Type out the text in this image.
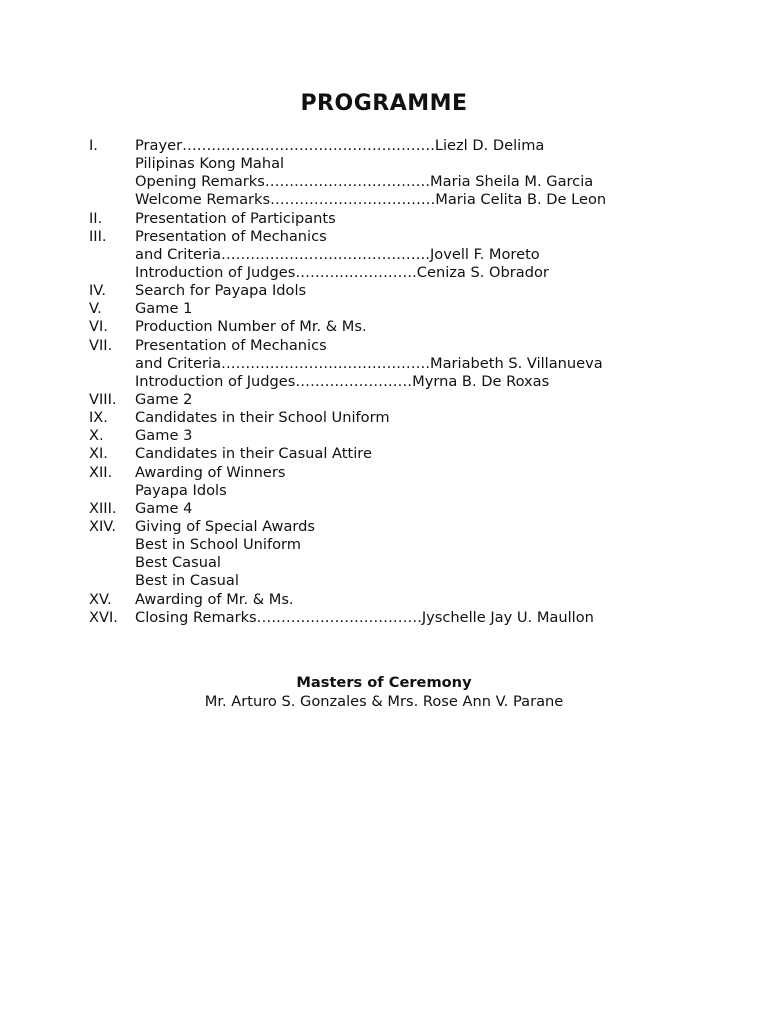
PROGRAMME
I.	Prayer…………………………………………….Liezl D. Delima
Pilipinas Kong Mahal
Opening Remarks…………………………….Maria Sheila M. Garcia
Welcome Remarks…………………………….Maria Celita B. De Leon
II. Presentation of Participants
III. Presentation of Mechanics
and Criteria…………………………………….Jovell F. Moreto
Introduction of Judges…………………….Ceniza S. Obrador
IV. Search for Payapa Idols
V. Game 1
VI. Production Number of Mr. & Ms.
VII. Presentation of Mechanics
and Criteria…………………………………….Mariabeth S. Villanueva
Introduction of Judges……………………Myrna B. De Roxas
VIII. Game 2
IX. Candidates in their School Uniform
X. Game 3
XI. Candidates in their Casual Attire
XII. Awarding of Winners
Payapa Idols
XIII. Game 4
XIV. Giving of Special Awards
Best in School Uniform
Best Casual
Best in Casual
XV. Awarding of Mr. & Ms.
XVI. Closing Remarks…………………………….Jyschelle Jay U. Maullon
Masters of Ceremony
Mr. Arturo S. Gonzales & Mrs. Rose Ann V. Parane
